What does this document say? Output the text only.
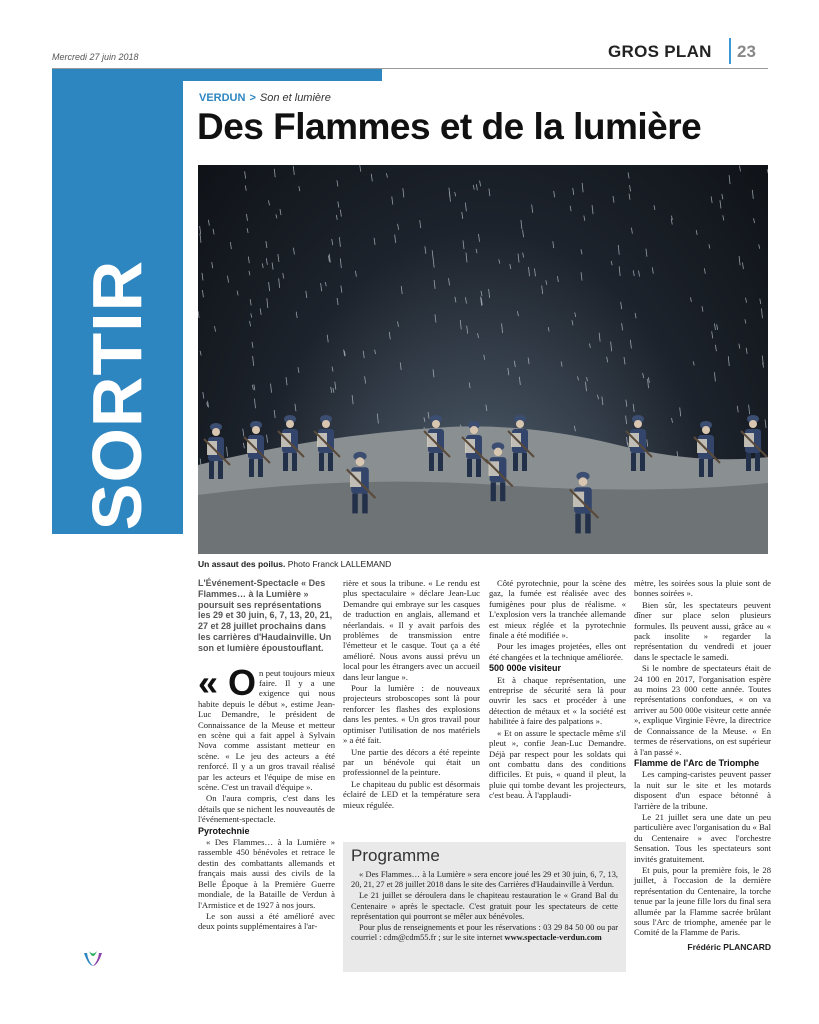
Mercredi 27 juin 2018	GROS PLAN 23
SORTIR
VERDUN > Son et lumière
Des Flammes et de la lumière
Un assaut des poilus. Photo Franck LALLEMAND
L'Événement-Spectacle « Des Flammes… à la Lumière » poursuit ses représentations les 29 et 30 juin, 6, 7, 13, 20, 21, 27 et 28 juillet prochains dans les carrières d'Haudainville. Un son et lumière époustouflant.

« O n peut toujours mieux faire. Il y a une exigence qui nous habite depuis le début », estime Jean-Luc Demandre, le président de Connaissance de la Meuse et metteur en scène qui a fait appel à Sylvain Nova comme assistant metteur en scène. « Le jeu des acteurs a été renforcé. Il y a un gros travail réalisé par les acteurs et l'équipe de mise en scène. C'est un travail d'équipe ».

On l'aura compris, c'est dans les détails que se nichent les nouveautés de l'événement-spectacle.

Pyrotechnie

« Des Flammes… à la Lumière » rassemble 450 bénévoles et retrace le destin des combattants allemands et français mais aussi des civils de la Belle Époque à la Première Guerre mondiale, de la Bataille de Verdun à l'Armistice et de 1927 à nos jours.

Le son aussi a été amélioré avec deux points supplémentaires à l'ar-

rière et sous la tribune. « Le rendu est plus spectaculaire » déclare Jean-Luc Demandre qui embraye sur les casques de traduction en anglais, allemand et néerlandais. « Il y avait parfois des problèmes de transmission entre l'émetteur et le casque. Tout ça a été amélioré. Nous avons aussi prévu un local pour les étrangers avec un accueil dans leur langue ».

Pour la lumière : de nouveaux projecteurs stroboscopes sont là pour renforcer les flashes des explosions dans les pentes. « Un gros travail pour optimiser l'utilisation de nos matériels » a été fait.

Une partie des décors a été repeinte par un bénévole qui était un professionnel de la peinture.

Le chapiteau du public est désormais éclairé de LED et la température sera mieux régulée.

Côté pyrotechnie, pour la scène des gaz, la fumée est réalisée avec des fumigènes pour plus de réalisme. « L'explosion vers la tranchée allemande est mieux réglée et la pyrotechnie finale a été modifiée ».

Pour les images projetées, elles ont été changées et la technique améliorée.

500 000e visiteur

Et à chaque représentation, une entreprise de sécurité sera là pour ouvrir les sacs et procéder à une détection de métaux et « la société est habilitée à faire des palpations ».

« Et on assure le spectacle même s'il pleut », confie Jean-Luc Demandre. Déjà par respect pour les soldats qui ont combattu dans des conditions difficiles. Et puis, « quand il pleut, la pluie qui tombe devant les projecteurs, c'est beau. À l'applaudi-

mètre, les soirées sous la pluie sont de bonnes soirées ».

Bien sûr, les spectateurs peuvent dîner sur place selon plusieurs formules. Ils peuvent aussi, grâce au « pack insolite » regarder la représentation du vendredi et jouer dans le spectacle le samedi.

Si le nombre de spectateurs était de 24 100 en 2017, l'organisation espère au moins 23 000 cette année. Toutes représentations confondues, « on va arriver au 500 000e visiteur cette année », explique Virginie Fèvre, la directrice de Connaissance de la Meuse. « En termes de réservations, on est supérieur à l'an passé ».

Flamme de l'Arc de Triomphe

Les camping-caristes peuvent passer la nuit sur le site et les motards disposent d'un espace bétonné à l'arrière de la tribune.

Le 21 juillet sera une date un peu particulière avec l'organisation du « Bal du Centenaire » avec l'orchestre Sensation. Tous les spectateurs sont invités gratuitement.

Et puis, pour la première fois, le 28 juillet, à l'occasion de la dernière représentation du Centenaire, la torche tenue par la jeune fille lors du final sera allumée par la Flamme sacrée brûlant sous l'Arc de triomphe, amenée par le Comité de la Flamme de Paris.

Frédéric PLANCARD
Programme

« Des Flammes… à la Lumière » sera encore joué les 29 et 30 juin, 6, 7, 13, 20, 21, 27 et 28 juillet 2018 dans le site des Carrières d'Haudainville à Verdun.

Le 21 juillet se déroulera dans le chapiteau restauration le « Grand Bal du Centenaire » après le spectacle. C'est gratuit pour les spectateurs de cette représentation qui pourront se mêler aux bénévoles.

Pour plus de renseignements et pour les réservations : 03 29 84 50 00 ou par courriel : cdm@cdm55.fr ; sur le site internet www.spectacle-verdun.com
